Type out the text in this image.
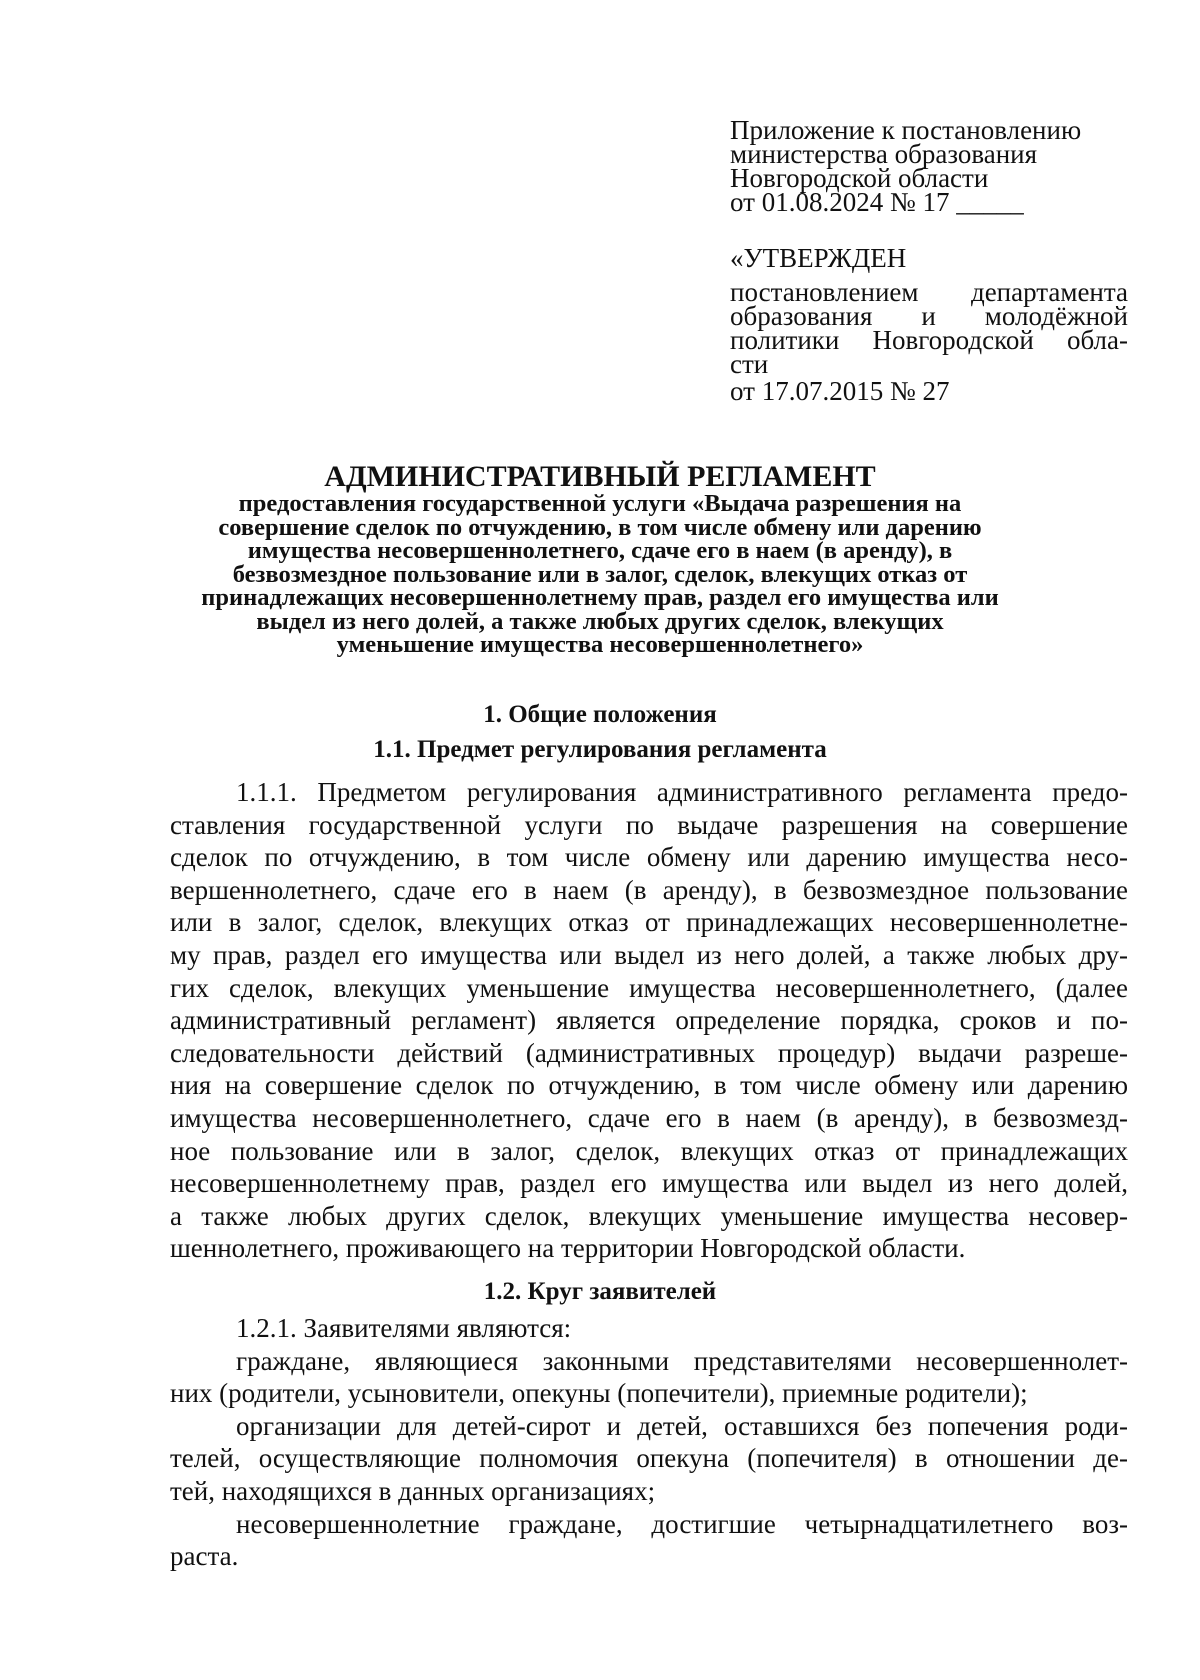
Приложение к постановлению
министерства образования
Новгородской области
от 01.08.2024 № 17 _____
«УТВЕРЖДЕН
постановлением департамента
образования и молодёжной
политики Новгородской обла-
сти
от 17.07.2015 № 27
АДМИНИСТРАТИВНЫЙ РЕГЛАМЕНТ
предоставления государственной услуги «Выдача разрешения на
совершение сделок по отчуждению, в том числе обмену или дарению
имущества несовершеннолетнего, сдаче его в наем (в аренду), в
безвозмездное пользование или в залог, сделок, влекущих отказ от
принадлежащих несовершеннолетнему прав, раздел его имущества или
выдел из него долей, а также любых других сделок, влекущих
уменьшение имущества несовершеннолетнего»
1. Общие положения
1.1. Предмет регулирования регламента
1.1.1. Предметом регулирования административного регламента предо-
ставления государственной услуги по выдаче разрешения на совершение
сделок по отчуждению, в том числе обмену или дарению имущества несо-
вершеннолетнего, сдаче его в наем (в аренду), в безвозмездное пользование
или в залог, сделок, влекущих отказ от принадлежащих несовершеннолетне-
му прав, раздел его имущества или выдел из него долей, а также любых дру-
гих сделок, влекущих уменьшение имущества несовершеннолетнего, (далее
административный регламент) является определение порядка, сроков и по-
следовательности действий (административных процедур) выдачи разреше-
ния на совершение сделок по отчуждению, в том числе обмену или дарению
имущества несовершеннолетнего, сдаче его в наем (в аренду), в безвозмезд-
ное пользование или в залог, сделок, влекущих отказ от принадлежащих
несовершеннолетнему прав, раздел его имущества или выдел из него долей,
а также любых других сделок, влекущих уменьшение имущества несовер-
шеннолетнего, проживающего на территории Новгородской области.
1.2. Круг заявителей
1.2.1. Заявителями являются:
граждане, являющиеся законными представителями несовершеннолет-
них (родители, усыновители, опекуны (попечители), приемные родители);
организации для детей-сирот и детей, оставшихся без попечения роди-
телей, осуществляющие полномочия опекуна (попечителя) в отношении де-
тей, находящихся в данных организациях;
несовершеннолетние граждане, достигшие четырнадцатилетнего воз-
раста.
